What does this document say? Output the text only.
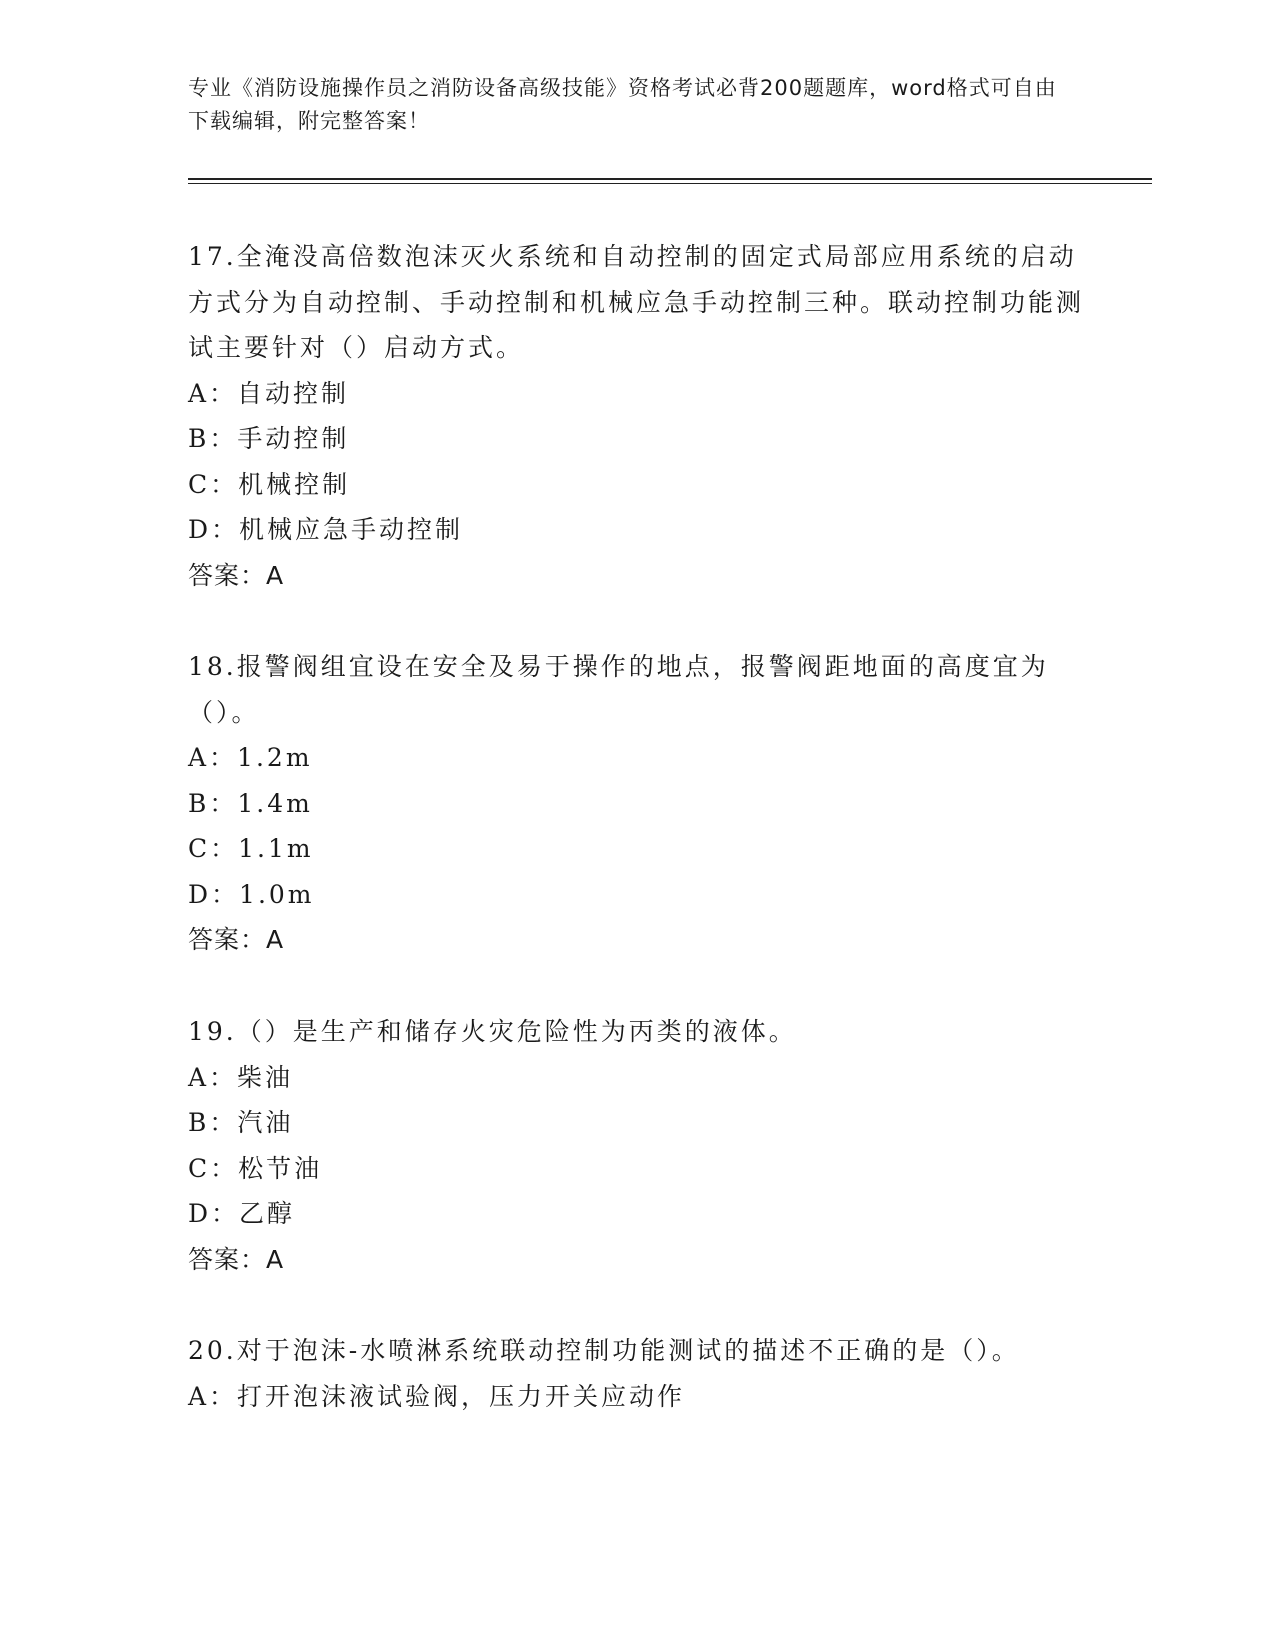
专业《消防设施操作员之消防设备高级技能》资格考试必背200题题库，word格式可自由下载编辑，附完整答案！

17.全淹没高倍数泡沫灭火系统和自动控制的固定式局部应用系统的启动方式分为自动控制、手动控制和机械应急手动控制三种。联动控制功能测试主要针对（）启动方式。

A：自动控制

B：手动控制

C：机械控制

D：机械应急手动控制

答案：A

18.报警阀组宜设在安全及易于操作的地点，报警阀距地面的高度宜为（）。

A：1.2m

B：1.4m

C：1.1m

D：1.0m

答案：A

19.（）是生产和储存火灾危险性为丙类的液体。

A：柴油

B：汽油

C：松节油

D：乙醇

答案：A

20.对于泡沫-水喷淋系统联动控制功能测试的描述不正确的是（）。

A：打开泡沫液试验阀，压力开关应动作
